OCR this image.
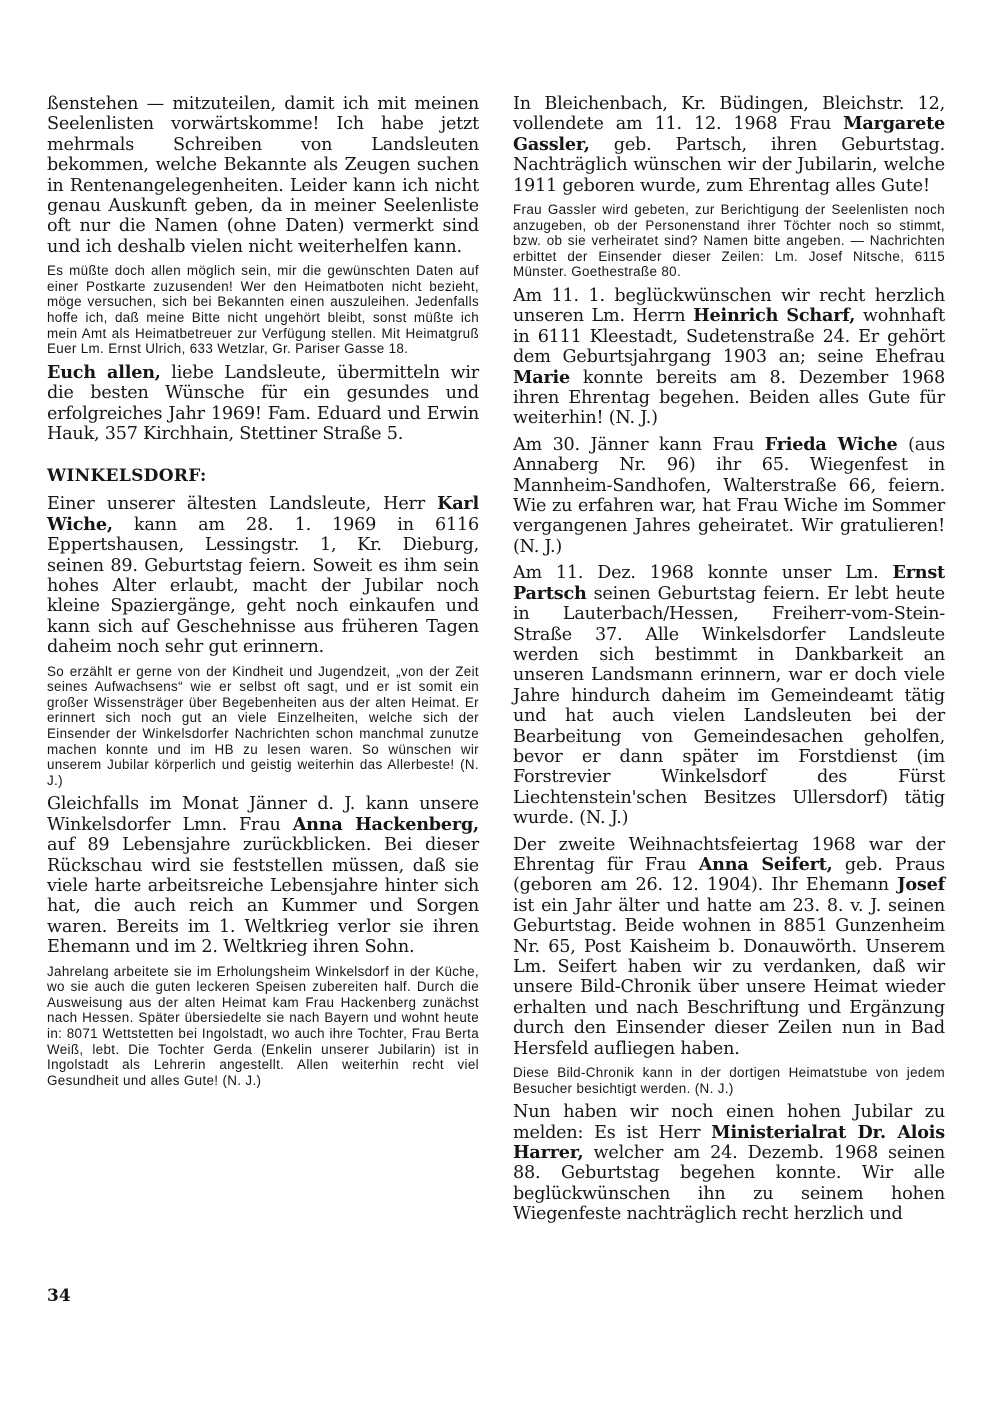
ßenstehen — mitzuteilen, damit ich mit meinen Seelenlisten vorwärtskomme! Ich habe jetzt mehrmals Schreiben von Landsleuten bekommen, welche Bekannte als Zeugen suchen in Rentenangelegenheiten. Leider kann ich nicht genau Auskunft geben, da in meiner Seelenliste oft nur die Namen (ohne Daten) vermerkt sind und ich deshalb vielen nicht weiterhelfen kann.

Es müßte doch allen möglich sein, mir die gewünschten Daten auf einer Postkarte zuzusenden! Wer den Heimatboten nicht bezieht, möge versuchen, sich bei Bekannten einen auszuleihen. Jedenfalls hoffe ich, daß meine Bitte nicht ungehört bleibt, sonst müßte ich mein Amt als Heimatbetreuer zur Verfügung stellen. Mit Heimatgruß Euer Lm. Ernst Ulrich, 633 Wetzlar, Gr. Pariser Gasse 18.

Euch allen, liebe Landsleute, übermitteln wir die besten Wünsche für ein gesundes und erfolgreiches Jahr 1969! Fam. Eduard und Erwin Hauk, 357 Kirchhain, Stettiner Straße 5.

WINKELSDORF:

Einer unserer ältesten Landsleute, Herr Karl Wiche, kann am 28. 1. 1969 in 6116 Eppertshausen, Lessingstr. 1, Kr. Dieburg, seinen 89. Geburtstag feiern. Soweit es ihm sein hohes Alter erlaubt, macht der Jubilar noch kleine Spaziergänge, geht noch einkaufen und kann sich auf Geschehnisse aus früheren Tagen daheim noch sehr gut erinnern.

So erzählt er gerne von der Kindheit und Jugendzeit, „von der Zeit seines Aufwachsens“ wie er selbst oft sagt, und er ist somit ein großer Wissensträger über Begebenheiten aus der alten Heimat. Er erinnert sich noch gut an viele Einzelheiten, welche sich der Einsender der Winkelsdorfer Nachrichten schon manchmal zunutze machen konnte und im HB zu lesen waren. So wünschen wir unserem Jubilar körperlich und geistig weiterhin das Allerbeste! (N. J.)

Gleichfalls im Monat Jänner d. J. kann unsere Winkelsdorfer Lmn. Frau Anna Hackenberg, auf 89 Lebensjahre zurückblicken. Bei dieser Rückschau wird sie feststellen müssen, daß sie viele harte arbeitsreiche Lebensjahre hinter sich hat, die auch reich an Kummer und Sorgen waren. Bereits im 1. Weltkrieg verlor sie ihren Ehemann und im 2. Weltkrieg ihren Sohn.

Jahrelang arbeitete sie im Erholungsheim Winkelsdorf in der Küche, wo sie auch die guten leckeren Speisen zubereiten half. Durch die Ausweisung aus der alten Heimat kam Frau Hackenberg zunächst nach Hessen. Später übersiedelte sie nach Bayern und wohnt heute in: 8071 Wettstetten bei Ingolstadt, wo auch ihre Tochter, Frau Berta Weiß, lebt. Die Tochter Gerda (Enkelin unserer Jubilarin) ist in Ingolstadt als Lehrerin angestellt. Allen weiterhin recht viel Gesundheit und alles Gute! (N. J.)

In Bleichenbach, Kr. Büdingen, Bleichstr. 12, vollendete am 11. 12. 1968 Frau Margarete Gassler, geb. Partsch, ihren Geburtstag. Nachträglich wünschen wir der Jubilarin, welche 1911 geboren wurde, zum Ehrentag alles Gute!

Frau Gassler wird gebeten, zur Berichtigung der Seelenlisten noch anzugeben, ob der Personenstand ihrer Töchter noch so stimmt, bzw. ob sie verheiratet sind? Namen bitte angeben. — Nachrichten erbittet der Einsender dieser Zeilen: Lm. Josef Nitsche, 6115 Münster. Goethestraße 80.

Am 11. 1. beglückwünschen wir recht herzlich unseren Lm. Herrn Heinrich Scharf, wohnhaft in 6111 Kleestadt, Sudetenstraße 24. Er gehört dem Geburtsjahrgang 1903 an; seine Ehefrau Marie konnte bereits am 8. Dezember 1968 ihren Ehrentag begehen. Beiden alles Gute für weiterhin! (N. J.)

Am 30. Jänner kann Frau Frieda Wiche (aus Annaberg Nr. 96) ihr 65. Wiegenfest in Mannheim-Sandhofen, Walterstraße 66, feiern. Wie zu erfahren war, hat Frau Wiche im Sommer vergangenen Jahres geheiratet. Wir gratulieren! (N. J.)

Am 11. Dez. 1968 konnte unser Lm. Ernst Partsch seinen Geburtstag feiern. Er lebt heute in Lauterbach/Hessen, Freiherr-vom-Stein-Straße 37. Alle Winkelsdorfer Landsleute werden sich bestimmt in Dankbarkeit an unseren Landsmann erinnern, war er doch viele Jahre hindurch daheim im Gemeindeamt tätig und hat auch vielen Landsleuten bei der Bearbeitung von Gemeindesachen geholfen, bevor er dann später im Forstdienst (im Forstrevier Winkelsdorf des Fürst Liechtenstein'schen Besitzes Ullersdorf) tätig wurde. (N. J.)

Der zweite Weihnachtsfeiertag 1968 war der Ehrentag für Frau Anna Seifert, geb. Praus (geboren am 26. 12. 1904). Ihr Ehemann Josef ist ein Jahr älter und hatte am 23. 8. v. J. seinen Geburtstag. Beide wohnen in 8851 Gunzenheim Nr. 65, Post Kaisheim b. Donauwörth. Unserem Lm. Seifert haben wir zu verdanken, daß wir unsere Bild-Chronik über unsere Heimat wieder erhalten und nach Beschriftung und Ergänzung durch den Einsender dieser Zeilen nun in Bad Hersfeld aufliegen haben.

Diese Bild-Chronik kann in der dortigen Heimatstube von jedem Besucher besichtigt werden. (N. J.)

Nun haben wir noch einen hohen Jubilar zu melden: Es ist Herr Ministerialrat Dr. Alois Harrer, welcher am 24. Dezemb. 1968 seinen 88. Geburtstag begehen konnte. Wir alle beglückwünschen ihn zu seinem hohen Wiegenfeste nachträglich recht herzlich und

34
